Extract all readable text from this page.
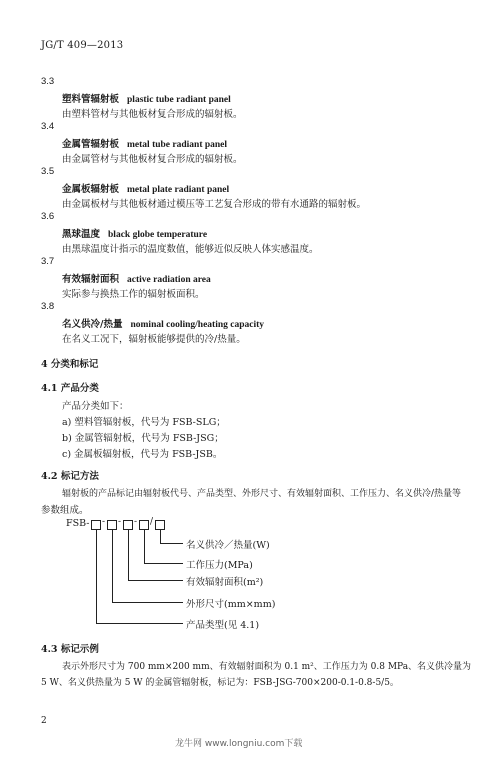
JG/T 409—2013
3.3
塑料管辐射板 plastic tube radiant panel
由塑料管材与其他板材复合形成的辐射板。
3.4
金属管辐射板 metal tube radiant panel
由金属管材与其他板材复合形成的辐射板。
3.5
金属板辐射板 metal plate radiant panel
由金属板材与其他板材通过模压等工艺复合形成的带有水通路的辐射板。
3.6
黑球温度 black globe temperature
由黑球温度计指示的温度数值，能够近似反映人体实感温度。
3.7
有效辐射面积 active radiation area
实际参与换热工作的辐射板面积。
3.8
名义供冷/热量 nominal cooling/heating capacity
在名义工况下，辐射板能够提供的冷/热量。
4 分类和标记
4.1 产品分类
产品分类如下：
a) 塑料管辐射板，代号为 FSB-SLG；
b) 金属管辐射板，代号为 FSB-JSG；
c) 金属板辐射板，代号为 FSB-JSB。
4.2 标记方法
辐射板的产品标记由辐射板代号、产品类型、外形尺寸、有效辐射面积、工作压力、名义供冷/热量等
参数组成。
FSB- - - - /
名义供冷／热量(W)
工作压力(MPa)
有效辐射面积(m²)
外形尺寸(mm×mm)
产品类型(见 4.1)
4.3 标记示例
表示外形尺寸为 700 mm×200 mm、有效辐射面积为 0.1 m²、工作压力为 0.8 MPa、名义供冷量为
5 W、名义供热量为 5 W 的金属管辐射板，标记为：FSB-JSG-700×200-0.1-0.8-5/5。
2
龙牛网 www.longniu.com下载
